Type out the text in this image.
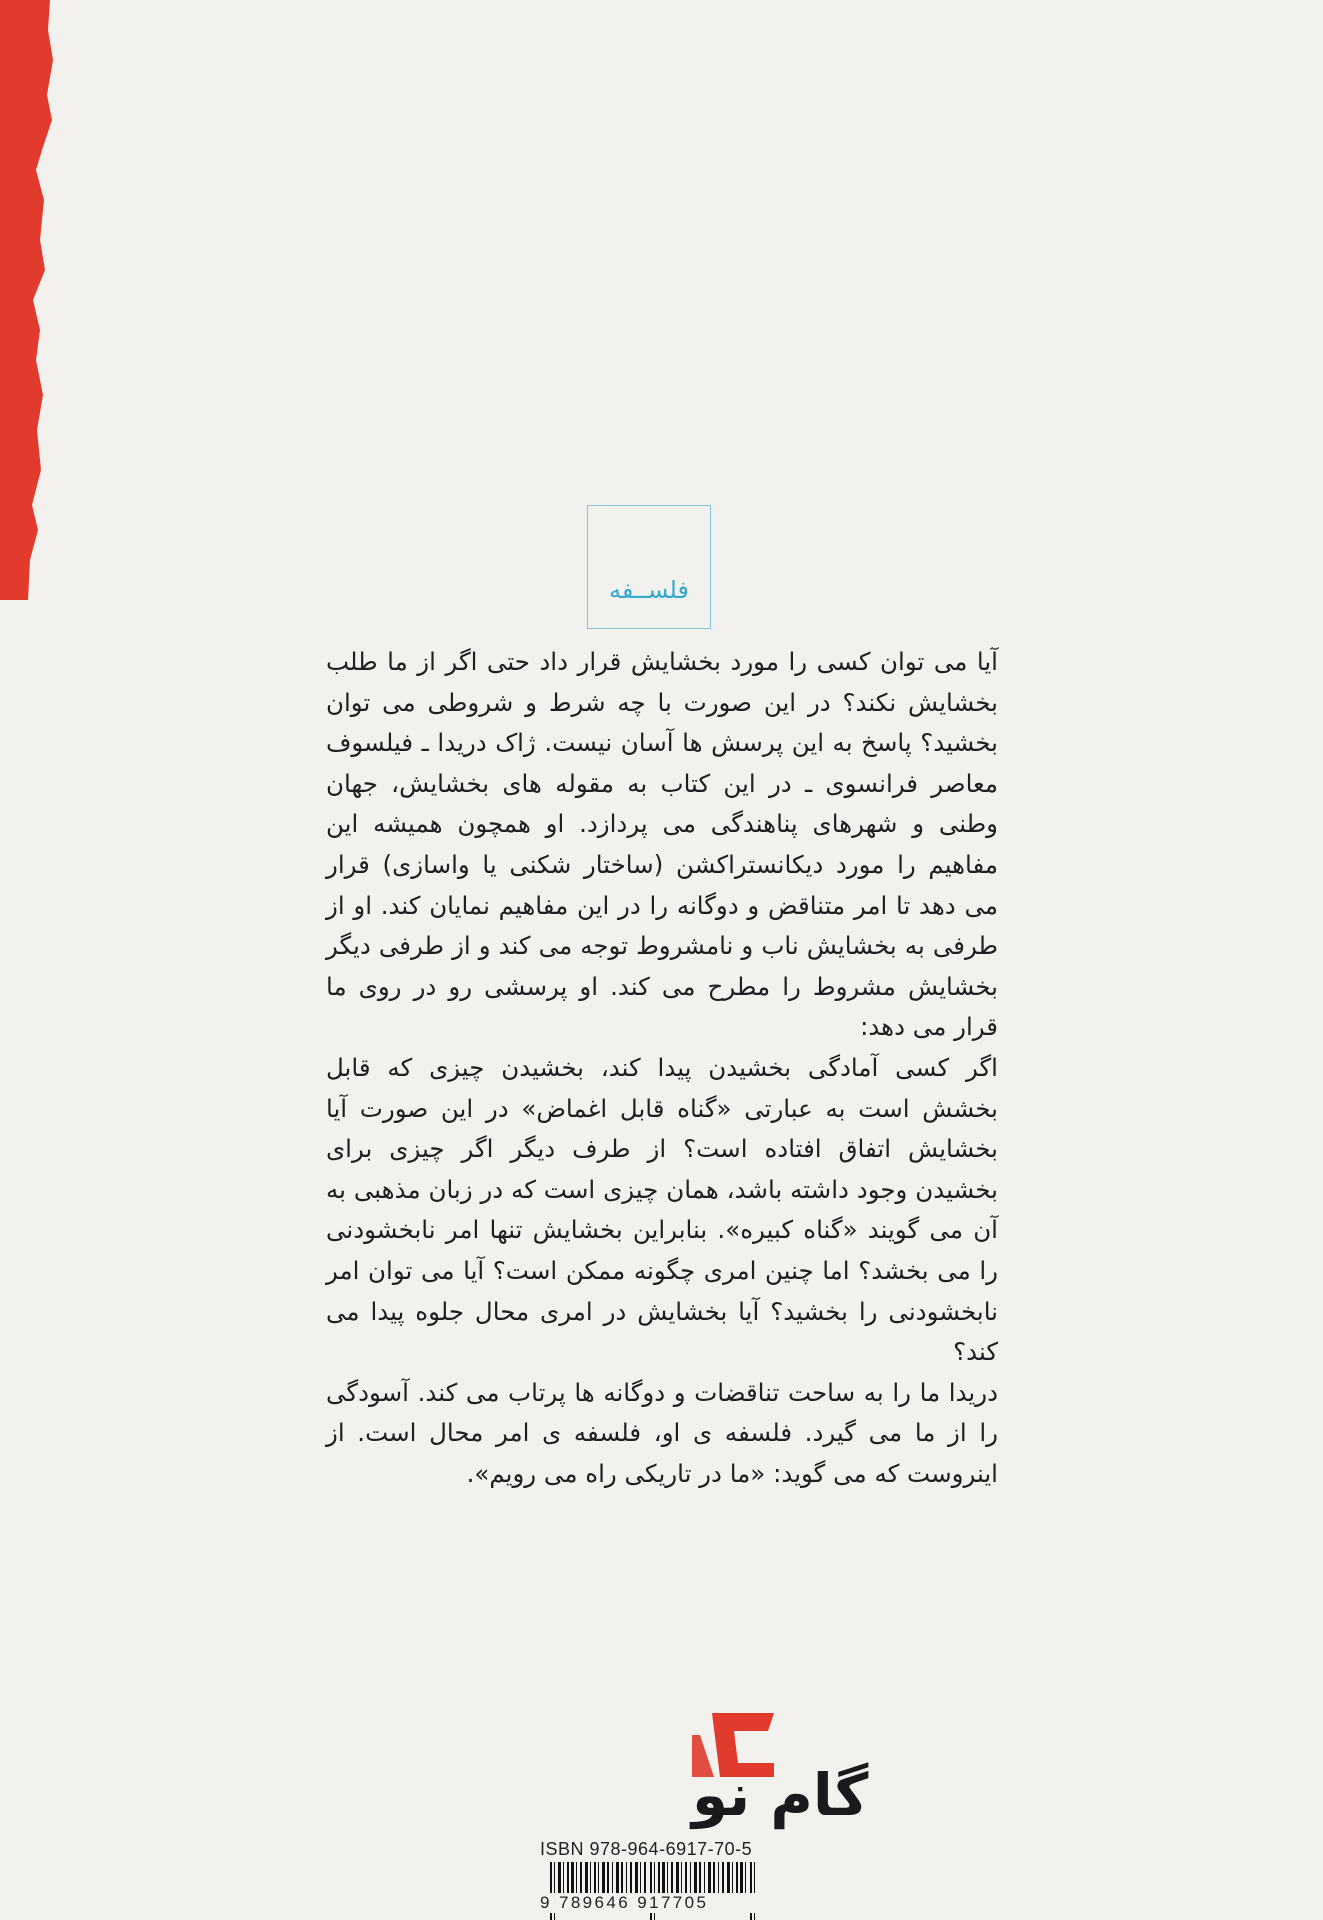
فلســفه

آیا می توان کسی را مورد بخشایش قرار داد حتی اگر از ما طلب بخشایش نکند؟ در این صورت با چه شرط و شروطی می توان بخشید؟ پاسخ به این پرسش ها آسان نیست. ژاک دریدا ـ فیلسوف معاصر فرانسوی ـ در این کتاب به مقوله های بخشایش، جهان وطنی و شهرهای پناهندگی می پردازد. او همچون همیشه این مفاهیم را مورد دیکانستراکشن (ساختار شکنی یا واسازی) قرار می دهد تا امر متناقض و دوگانه را در این مفاهیم نمایان کند. او از طرفی به بخشایش ناب و نامشروط توجه می کند و از طرفی دیگر بخشایش مشروط را مطرح می کند. او پرسشی رو در روی ما قرار می دهد:

اگر کسی آمادگی بخشیدن پیدا کند، بخشیدن چیزی که قابل بخشش است به عبارتی «گناه قابل اغماض» در این صورت آیا بخشایش اتفاق افتاده است؟ از طرف دیگر اگر چیزی برای بخشیدن وجود داشته باشد، همان چیزی است که در زبان مذهبی به آن می گویند «گناه کبیره». بنابراین بخشایش تنها امر نابخشودنی را می بخشد؟ اما چنین امری چگونه ممکن است؟ آیا می توان امر نابخشودنی را بخشید؟ آیا بخشایش در امری محال جلوه پیدا می کند؟

دریدا ما را به ساحت تناقضات و دوگانه ها پرتاب می کند. آسودگی را از ما می گیرد. فلسفه ی او، فلسفه ی امر محال است. از اینروست که می گوید: «ما در تاریکی راه می رویم».

گام نو
ISBN 978-964-6917-70-5
9 789646 917705
